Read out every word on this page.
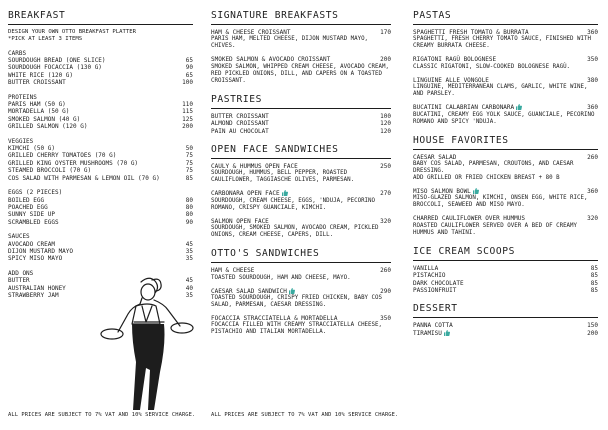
BREAKFAST

DESIGN YOUR OWN OTTO BREAKFAST PLATTER

*PICK AT LEAST 3 ITEMS

CARBS
SOURDOUGH BREAD (ONE SLICE)	65
SOURDOUGH FOCACCIA (130 G)	90
WHITE RICE (120 G)	65
BUTTER CROISSANT	100
PROTEINS
PARIS HAM (50 G)	110
MORTADELLA (50 G)	115
SMOKED SALMON (40 G)	125
GRILLED SALMON (120 G)	200
VEGGIES
KIMCHI (50 G)	50
GRILLED CHERRY TOMATOES (70 G)	75
GRILLED KING OYSTER MUSHROOMS (70 G)	75
STEAMED BROCCOLI (70 G)	75
COS SALAD WITH PARMESAN & LEMON OIL (70 G)	85
EGGS (2 PIECES)
BOILED EGG	80
POACHED EGG	80
SUNNY SIDE UP	80
SCRAMBLED EGGS	90
SAUCES
AVOCADO CREAM	45
DIJON MUSTARD MAYO	35
SPICY MISO MAYO	35
ADD ONS
BUTTER	45
AUSTRALIAN HONEY	40
STRAWBERRY JAM	35
SIGNATURE BREAKFASTS
HAM & CHEESE CROISSANT	170
PARIS HAM, MELTED CHEESE, DIJON MUSTARD MAYO, CHIVES.
SMOKED SALMON & AVOCADO CROISSANT	200
SMOKED SALMON, WHIPPED CREAM CHEESE, AVOCADO CREAM, RED PICKLED ONIONS, DILL, AND CAPERS ON A TOASTED CROISSANT.
PASTRIES
BUTTER CROISSANT	100
ALMOND CROISSANT	120
PAIN AU CHOCOLAT	120
OPEN FACE SANDWICHES
CAULY & HUMMUS OPEN FACE	250
SOURDOUGH, HUMMUS, BELL PEPPER, ROASTED CAULIFLOWER, TAGGIASCHE OLIVES, PARMESAN.
CARBONARA OPEN FACE	270
SOURDOUGH, CREAM CHEESE, EGGS, 'NDUJA, PECORINO ROMANO, CRISPY GUANCIALE, KIMCHI.
SALMON OPEN FACE	320
SOURDOUGH, SMOKED SALMON, AVOCADO CREAM, PICKLED ONIONS, CREAM CHEESE, CAPERS, DILL.
OTTO'S SANDWICHES
HAM & CHEESE	260
TOASTED SOURDOUGH, HAM AND CHEESE, MAYO.
CAESAR SALAD SANDWICH	290
TOASTED SOURDOUGH, CRISPY FRIED CHICKEN, BABY COS SALAD, PARMESAN, CAESAR DRESSING.
FOCACCIA STRACCIATELLA & MORTADELLA	350
FOCACCIA FILLED WITH CREAMY STRACCIATELLA CHEESE, PISTACHIO AND ITALIAN MORTADELLA.
PASTAS
SPAGHETTI FRESH TOMATO & BURRATA	360
SPAGHETTI, FRESH CHERRY TOMATO SAUCE, FINISHED WITH CREAMY BURRATA CHEESE.
RIGATONI RAGÙ BOLOGNESE	350
CLASSIC RIGATONI, SLOW-COOKED BOLOGNESE RAGÙ.
LINGUINE ALLE VONGOLE	380
LINGUINE, MEDITERRANEAN CLAMS, GARLIC, WHITE WINE, AND PARSLEY.
BUCATINI CALABRIAN CARBONARA	360
BUCATINI, CREAMY EGG YOLK SAUCE, GUANCIALE, PECORINO ROMANO AND SPICY 'NDUJA.
HOUSE FAVORITES
CAESAR SALAD	260
BABY COS SALAD, PARMESAN, CROUTONS, AND CAESAR DRESSING.
ADD GRILLED OR FRIED CHICKEN BREAST + 80 B
MISO SALMON BOWL	360
MISO-GLAZED SALMON, KIMCHI, ONSEN EGG, WHITE RICE, BROCCOLI, SEAWEED AND MISO MAYO.
CHARRED CAULIFLOWER OVER HUMMUS	320
ROASTED CAULIFLOWER SERVED OVER A BED OF CREAMY HUMMUS AND TAHINI.
ICE CREAM SCOOPS
VANILLA	85
PISTACHIO	85
DARK CHOCOLATE	85
PASSIONFRUIT	85
DESSERT
PANNA COTTA	150
TIRAMISU	200
ALL PRICES ARE SUBJECT TO 7% VAT AND 10% SERVICE CHARGE.	ALL PRICES ARE SUBJECT TO 7% VAT AND 10% SERVICE CHARGE.
